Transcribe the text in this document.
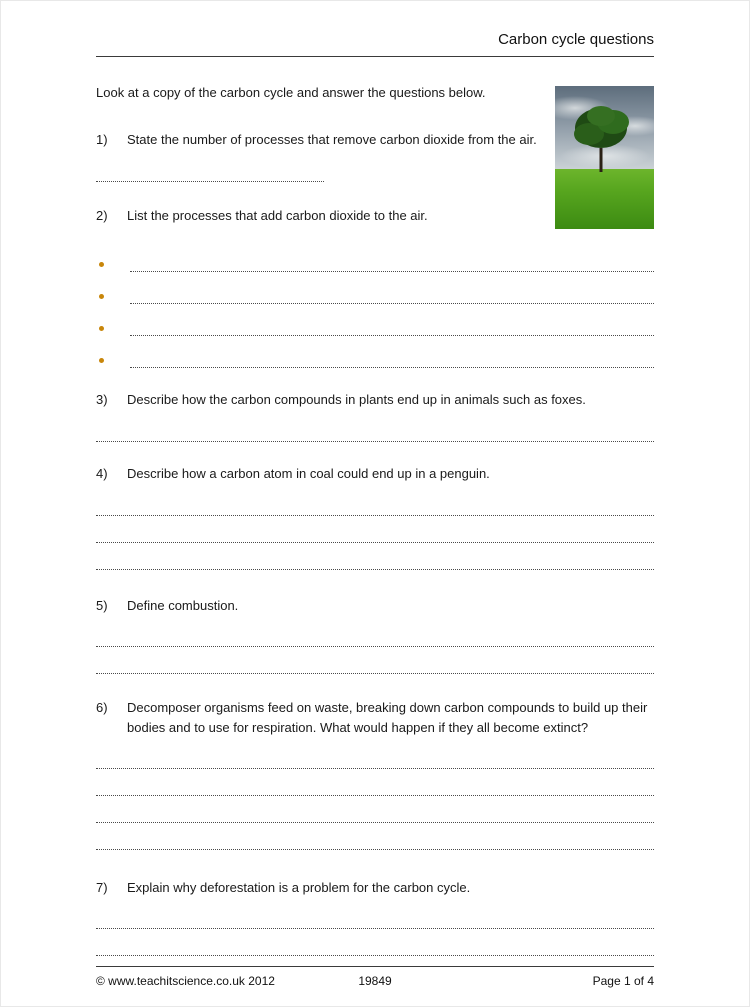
Carbon cycle questions

Look at a copy of the carbon cycle and answer the questions below.

1)	State the number of processes that remove carbon dioxide from the air.
2)	List the processes that add carbon dioxide to the air.
3)	Describe how the carbon compounds in plants end up in animals such as foxes.
4)	Describe how a carbon atom in coal could end up in a penguin.
5)	Define combustion.
6)	Decomposer organisms feed on waste, breaking down carbon compounds to build up their bodies and to use for respiration. What would happen if they all become extinct?
7)	Explain why deforestation is a problem for the carbon cycle.
© www.teachitscience.co.uk 2012	19849	Page 1 of 4
